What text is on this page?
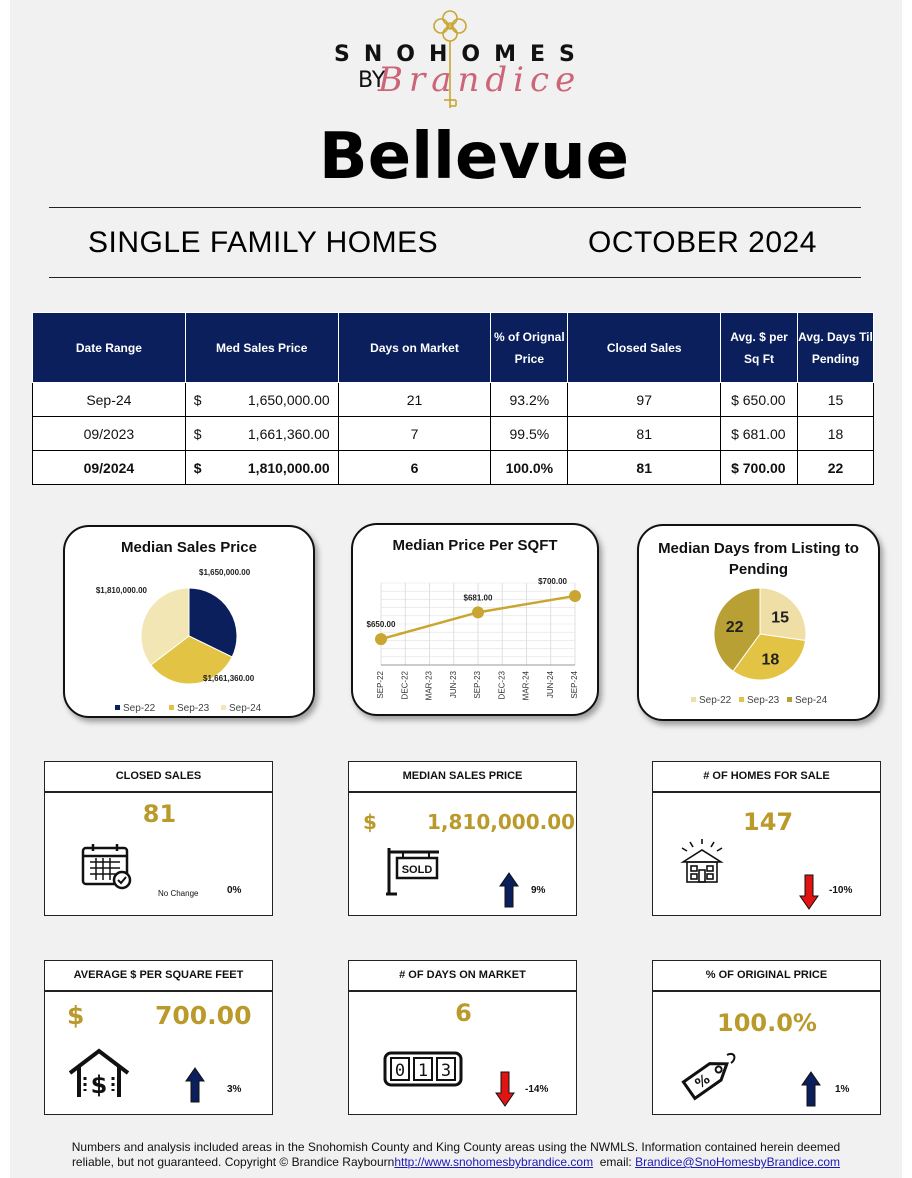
SNOHOMES
BY
Brandice
Bellevue
SINGLE FAMILY HOMES	OCTOBER 2024
Date Range	Med Sales Price	Days on Market	% of Orignal Price	Closed Sales	Avg. $ per Sq Ft	Avg. Days Til Pending
Sep-24	$ 1,650,000.00	21	93.2%	97	$ 650.00	15
09/2023	$ 1,661,360.00	7	99.5%	81	$ 681.00	18
09/2024	$ 1,810,000.00	6	100.0%	81	$ 700.00	22
Median Sales Price
$1,650,000.00
$1,661,360.00
$1,810,000.00
Sep-22 Sep-23 Sep-24
Median Price Per SQFT
$650.00
$681.00
$700.00
SEP-22 DEC-22 MAR-23 JUN-23 SEP-23 DEC-23 MAR-24 JUN-24 SEP-24
Median Days from Listing to Pending
15
18
22
Sep-22 Sep-23 Sep-24
CLOSED SALES
81
No Change	0%
MEDIAN SALES PRICE
$	1,810,000.00
SOLD
9%
# OF HOMES FOR SALE
147
-10%
AVERAGE $ PER SQUARE FEET
$	700.00
$	3%
# OF DAYS ON MARKET
6
0 1 3
-14%
% OF ORIGINAL PRICE
100.0%
%	1%
Numbers and analysis included areas in the Snohomish County and King County areas using the NWMLS. Information contained herein deemed
reliable, but not guaranteed. Copyright © Brandice Raybournhttp://www.snohomesbybrandice.com  email: Brandice@SnoHomesbyBrandice.com
